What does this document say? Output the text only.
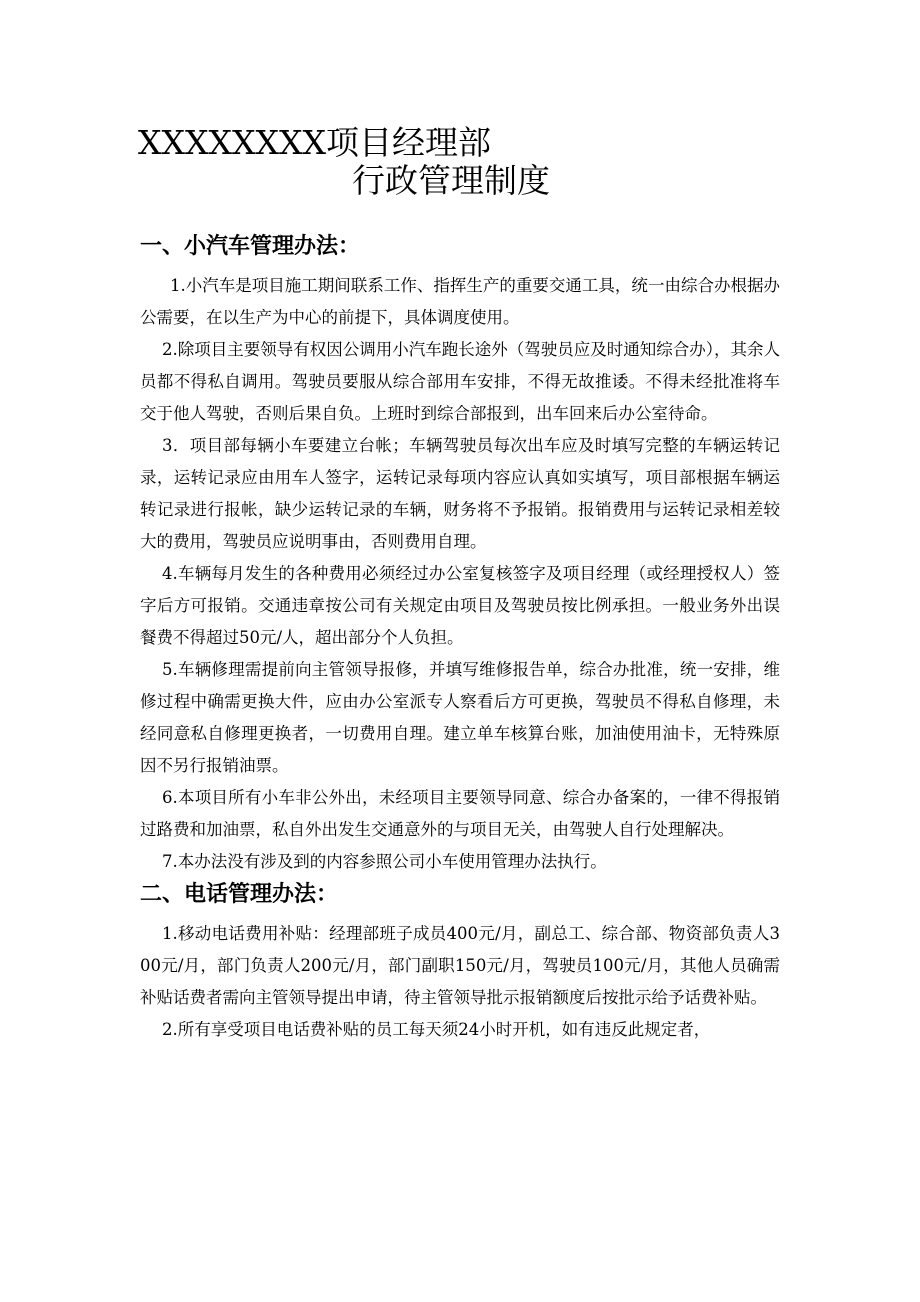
XXXXXXXX项目经理部
行政管理制度
一、小汽车管理办法：

1.小汽车是项目施工期间联系工作、指挥生产的重要交通工具，统一由综合办根据办公需要，在以生产为中心的前提下，具体调度使用。

2.除项目主要领导有权因公调用小汽车跑长途外（驾驶员应及时通知综合办），其余人员都不得私自调用。驾驶员要服从综合部用车安排，不得无故推诿。不得未经批准将车交于他人驾驶，否则后果自负。上班时到综合部报到，出车回来后办公室待命。

3．项目部每辆小车要建立台帐；车辆驾驶员每次出车应及时填写完整的车辆运转记录，运转记录应由用车人签字，运转记录每项内容应认真如实填写，项目部根据车辆运转记录进行报帐，缺少运转记录的车辆，财务将不予报销。报销费用与运转记录相差较大的费用，驾驶员应说明事由，否则费用自理。

4.车辆每月发生的各种费用必须经过办公室复核签字及项目经理（或经理授权人）签字后方可报销。交通违章按公司有关规定由项目及驾驶员按比例承担。一般业务外出误餐费不得超过50元/人，超出部分个人负担。

5.车辆修理需提前向主管领导报修，并填写维修报告单，综合办批准，统一安排，维修过程中确需更换大件，应由办公室派专人察看后方可更换，驾驶员不得私自修理，未经同意私自修理更换者，一切费用自理。建立单车核算台账，加油使用油卡，无特殊原因不另行报销油票。

6.本项目所有小车非公外出，未经项目主要领导同意、综合办备案的，一律不得报销过路费和加油票，私自外出发生交通意外的与项目无关，由驾驶人自行处理解决。

7.本办法没有涉及到的内容参照公司小车使用管理办法执行。

二、电话管理办法：

1.移动电话费用补贴：经理部班子成员400元/月，副总工、综合部、物资部负责人300元/月，部门负责人200元/月，部门副职150元/月，驾驶员100元/月，其他人员确需补贴话费者需向主管领导提出申请，待主管领导批示报销额度后按批示给予话费补贴。

2.所有享受项目电话费补贴的员工每天须24小时开机，如有违反此规定者，
